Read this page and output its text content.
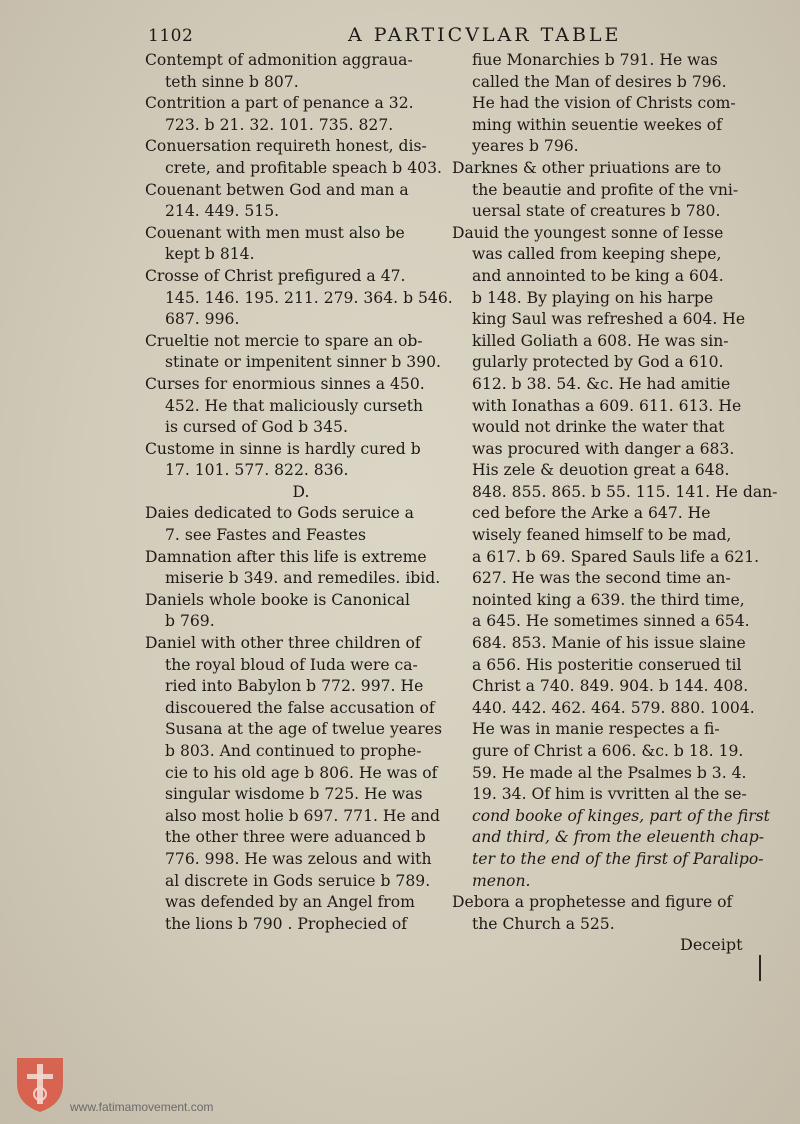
1102	A PARTICVLAR TABLE
Contempt of admonition aggraua-
teth sinne b 807.
Contrition a part of penance a 32.
723. b 21. 32. 101. 735. 827.
Conuersation requireth honest, dis-
crete, and profitable speach b 403.
Couenant betwen God and man a
214. 449. 515.
Couenant with men must also be
kept b 814.
Crosse of Christ prefigured a 47.
145. 146. 195. 211. 279. 364. b 546.
687. 996.
Crueltie not mercie to spare an ob-
stinate or impenitent sinner b 390.
Curses for enormious sinnes a 450.
452. He that maliciously curseth
is cursed of God b 345.
Custome in sinne is hardly cured b
17. 101. 577. 822. 836.
D.
Daies dedicated to Gods seruice a
7. see Fastes and Feastes
Damnation after this life is extreme
miserie b 349. and remediles. ibid.
Daniels whole booke is Canonical
b 769.
Daniel with other three children of
the royal bloud of Iuda were ca-
ried into Babylon b 772. 997. He
discouered the false accusation of
Susana at the age of twelue yeares
b 803. And continued to prophe-
cie to his old age b 806. He was of
singular wisdome b 725. He was
also most holie b 697. 771. He and
the other three were aduanced b
776. 998. He was zelous and with
al discrete in Gods seruice b 789.
was defended by an Angel from
the lions b 790 . Prophecied of
fiue Monarchies b 791. He was
called the Man of desires b 796.
He had the vision of Christs com-
ming within seuentie weekes of
yeares b 796.
Darknes & other priuations are to
the beautie and profite of the vni-
uersal state of creatures b 780.
Dauid the youngest sonne of Iesse
was called from keeping shepe,
and annointed to be king a 604.
b 148. By playing on his harpe
king Saul was refreshed a 604. He
killed Goliath a 608. He was sin-
gularly protected by God a 610.
612. b 38. 54. &c. He had amitie
with Ionathas a 609. 611. 613. He
would not drinke the water that
was procured with danger a 683.
His zele & deuotion great a 648.
848. 855. 865. b 55. 115. 141. He dan-
ced before the Arke a 647. He
wisely feaned himself to be mad,
a 617. b 69. Spared Sauls life a 621.
627. He was the second time an-
nointed king a 639. the third time,
a 645. He sometimes sinned a 654.
684. 853. Manie of his issue slaine
a 656. His posteritie conserued til
Christ a 740. 849. 904. b 144. 408.
440. 442. 462. 464. 579. 880. 1004.
He was in manie respectes a fi-
gure of Christ a 606. &c. b 18. 19.
59. He made al the Psalmes b 3. 4.
19. 34. Of him is vvritten al the se-
cond booke of kinges, part of the first
and third, & from the eleuenth chap-
ter to the end of the first of Paralipo-
menon.
Debora a prophetesse and figure of
the Church a 525.
Deceipt
www.fatimamovement.com
